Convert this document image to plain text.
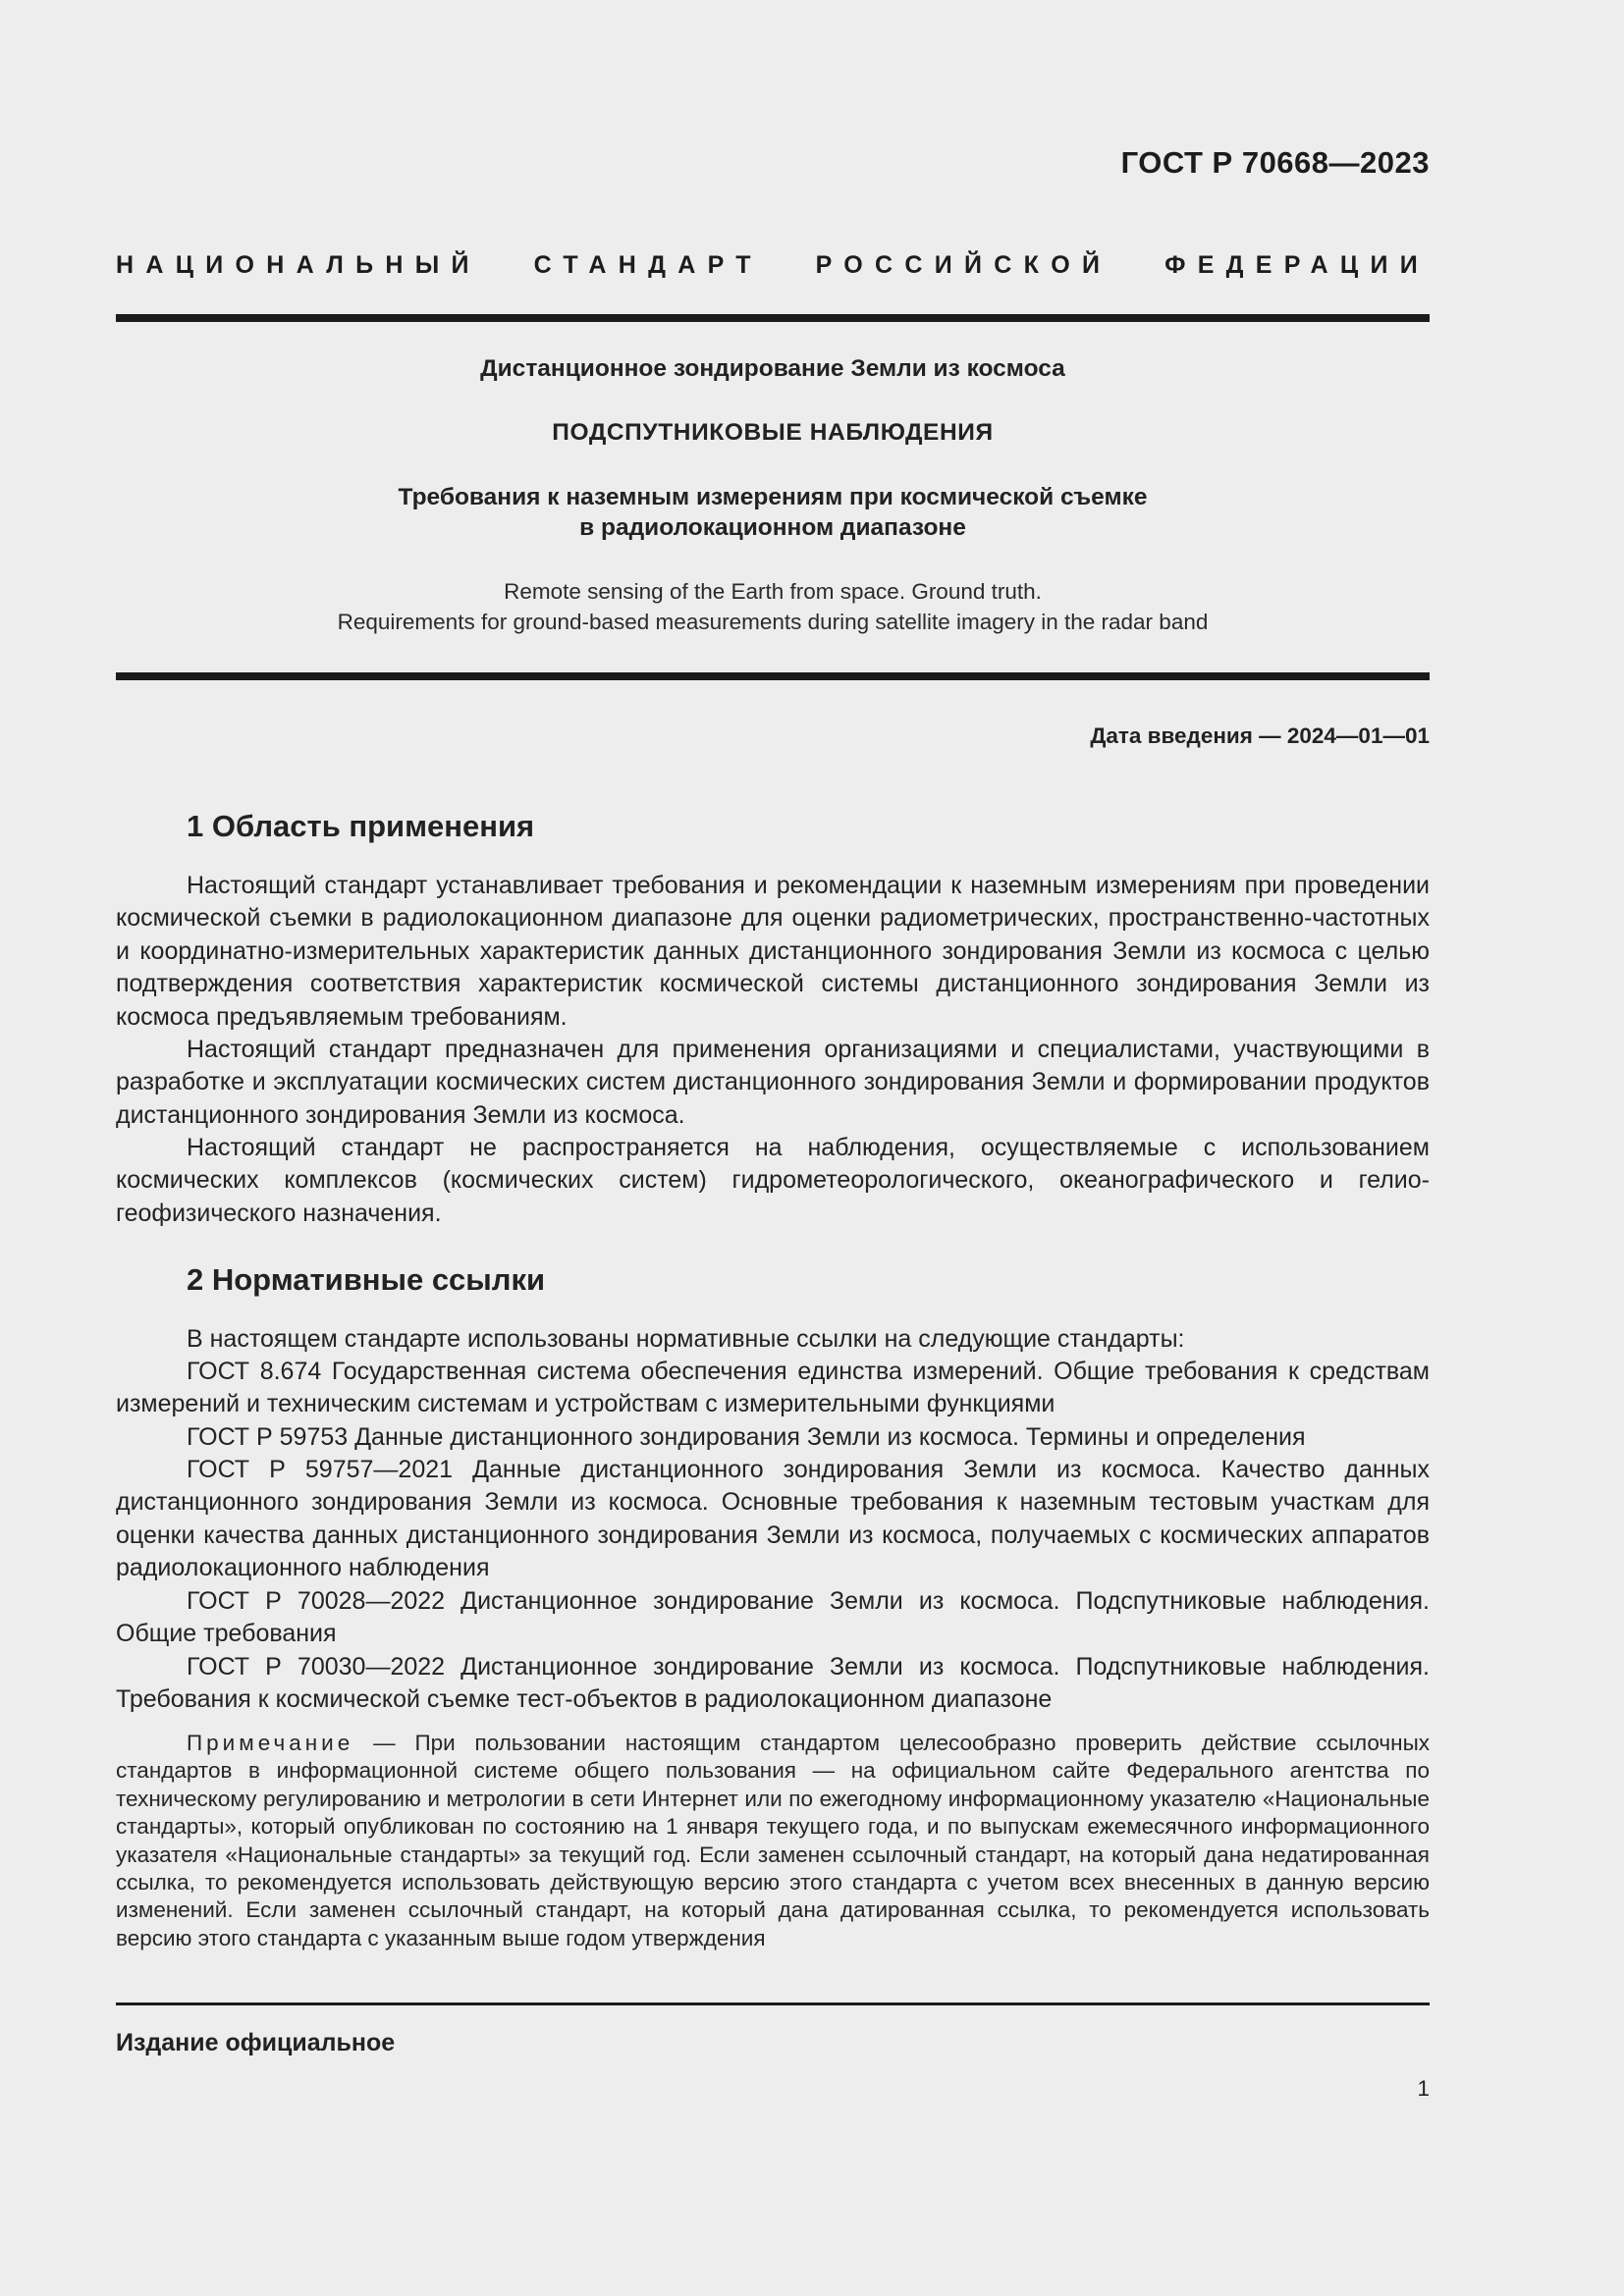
ГОСТ Р 70668—2023
НАЦИОНАЛЬНЫЙ СТАНДАРТ РОССИЙСКОЙ ФЕДЕРАЦИИ
Дистанционное зондирование Земли из космоса
ПОДСПУТНИКОВЫЕ НАБЛЮДЕНИЯ
Требования к наземным измерениям при космической съемке
в радиолокационном диапазоне
Remote sensing of the Earth from space. Ground truth.
Requirements for ground-based measurements during satellite imagery in the radar band
Дата введения — 2024—01—01
1 Область применения
Настоящий стандарт устанавливает требования и рекомендации к наземным измерениям при проведении космической съемки в радиолокационном диапазоне для оценки радиометрических, пространственно-частотных и координатно-измерительных характеристик данных дистанционного зондирования Земли из космоса с целью подтверждения соответствия характеристик космической системы дистанционного зондирования Земли из космоса предъявляемым требованиям.
Настоящий стандарт предназначен для применения организациями и специалистами, участвующими в разработке и эксплуатации космических систем дистанционного зондирования Земли и формировании продуктов дистанционного зондирования Земли из космоса.
Настоящий стандарт не распространяется на наблюдения, осуществляемые с использованием космических комплексов (космических систем) гидрометеорологического, океанографического и гелиогеофизического назначения.
2 Нормативные ссылки
В настоящем стандарте использованы нормативные ссылки на следующие стандарты:
ГОСТ 8.674 Государственная система обеспечения единства измерений. Общие требования к средствам измерений и техническим системам и устройствам с измерительными функциями
ГОСТ Р 59753 Данные дистанционного зондирования Земли из космоса. Термины и определения
ГОСТ Р 59757—2021 Данные дистанционного зондирования Земли из космоса. Качество данных дистанционного зондирования Земли из космоса. Основные требования к наземным тестовым участкам для оценки качества данных дистанционного зондирования Земли из космоса, получаемых с космических аппаратов радиолокационного наблюдения
ГОСТ Р 70028—2022 Дистанционное зондирование Земли из космоса. Подспутниковые наблюдения. Общие требования
ГОСТ Р 70030—2022 Дистанционное зондирование Земли из космоса. Подспутниковые наблюдения. Требования к космической съемке тест-объектов в радиолокационном диапазоне
Примечание — При пользовании настоящим стандартом целесообразно проверить действие ссылочных стандартов в информационной системе общего пользования — на официальном сайте Федерального агентства по техническому регулированию и метрологии в сети Интернет или по ежегодному информационному указателю «Национальные стандарты», который опубликован по состоянию на 1 января текущего года, и по выпускам ежемесячного информационного указателя «Национальные стандарты» за текущий год. Если заменен ссылочный стандарт, на который дана недатированная ссылка, то рекомендуется использовать действующую версию этого стандарта с учетом всех внесенных в данную версию изменений. Если заменен ссылочный стандарт, на который дана датированная ссылка, то рекомендуется использовать версию этого стандарта с указанным выше годом утверждения
Издание официальное
1
